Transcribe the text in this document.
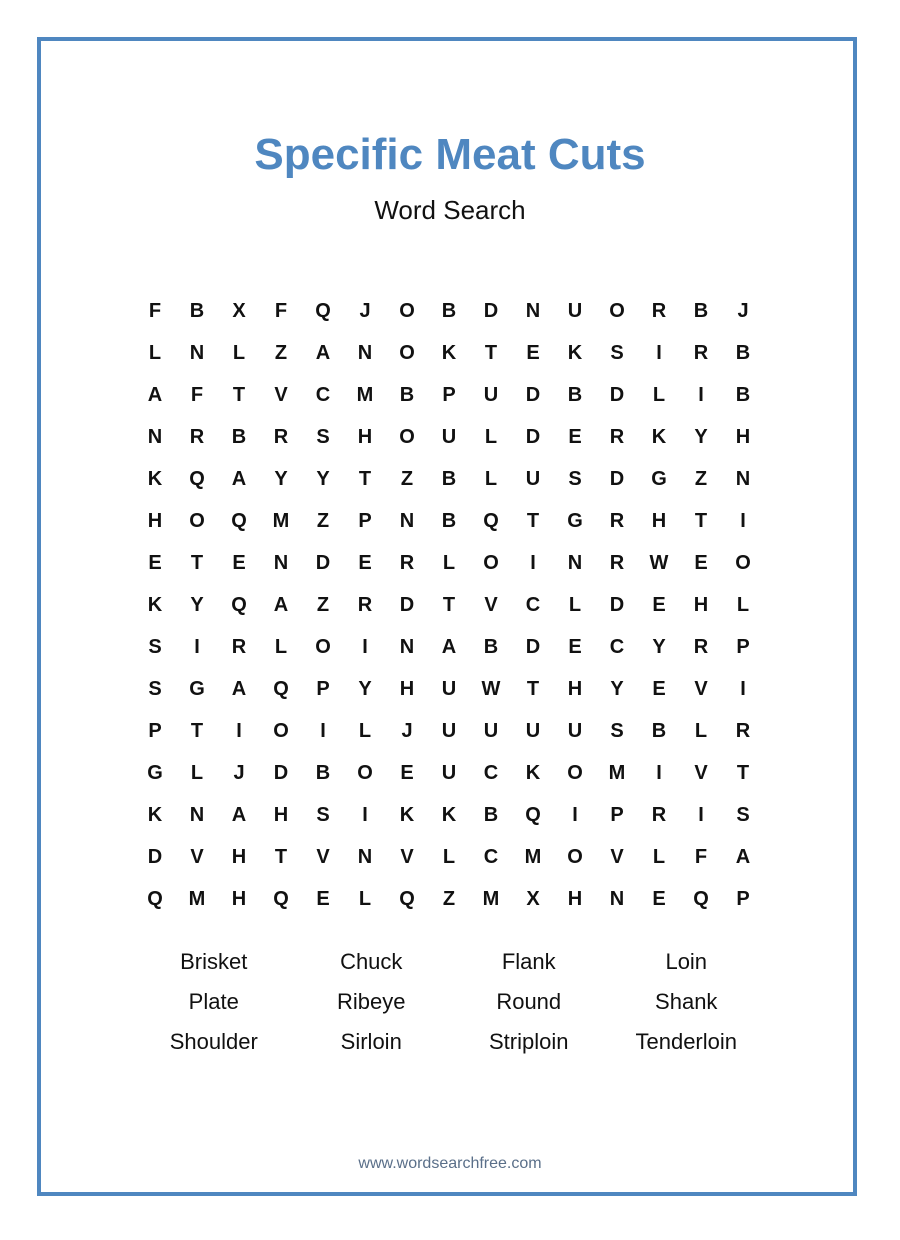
Specific Meat Cuts
Word Search
F	B	X	F	Q	J	O	B	D	N	U	O	R	B	J
L	N	L	Z	A	N	O	K	T	E	K	S	I	R	B
A	F	T	V	C	M	B	P	U	D	B	D	L	I	B
N	R	B	R	S	H	O	U	L	D	E	R	K	Y	H
K	Q	A	Y	Y	T	Z	B	L	U	S	D	G	Z	N
H	O	Q	M	Z	P	N	B	Q	T	G	R	H	T	I
E	T	E	N	D	E	R	L	O	I	N	R	W	E	O
K	Y	Q	A	Z	R	D	T	V	C	L	D	E	H	L
S	I	R	L	O	I	N	A	B	D	E	C	Y	R	P
S	G	A	Q	P	Y	H	U	W	T	H	Y	E	V	I
P	T	I	O	I	L	J	U	U	U	U	S	B	L	R
G	L	J	D	B	O	E	U	C	K	O	M	I	V	T
K	N	A	H	S	I	K	K	B	Q	I	P	R	I	S
D	V	H	T	V	N	V	L	C	M	O	V	L	F	A
Q	M	H	Q	E	L	Q	Z	M	X	H	N	E	Q	P
Brisket	Chuck	Flank	Loin
Plate	Ribeye	Round	Shank
Shoulder	Sirloin	Striploin	Tenderloin
www.wordsearchfree.com
